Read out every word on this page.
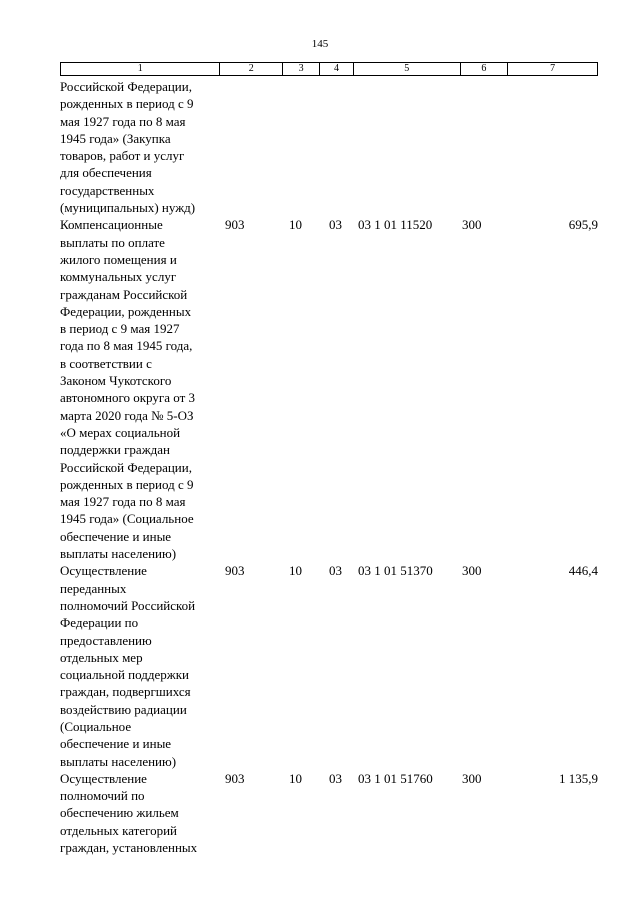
145
1	2	3	4	5	6	7
Российской Федерации,
рожденных в период с 9
мая 1927 года по 8 мая
1945 года» (Закупка
товаров, работ и услуг
для обеспечения
государственных
(муниципальных) нужд)
Компенсационные
выплаты по оплате
жилого помещения и
коммунальных услуг
гражданам Российской
Федерации, рожденных
в период с 9 мая 1927
года по 8 мая 1945 года,
в соответствии с
Законом Чукотского
автономного округа от 3
марта 2020 года № 5-ОЗ
«О мерах социальной
поддержки граждан
Российской Федерации,
рожденных в период с 9
мая 1927 года по 8 мая
1945 года» (Социальное
обеспечение и иные
выплаты населению)
903	10	03	03 1 01 11520	300	695,9
Осуществление
переданных
полномочий Российской
Федерации по
предоставлению
отдельных мер
социальной поддержки
граждан, подвергшихся
воздействию радиации
(Социальное
обеспечение и иные
выплаты населению)
903	10	03	03 1 01 51370	300	446,4
Осуществление
полномочий по
обеспечению жильем
отдельных категорий
граждан, установленных
903	10	03	03 1 01 51760	300	1 135,9
